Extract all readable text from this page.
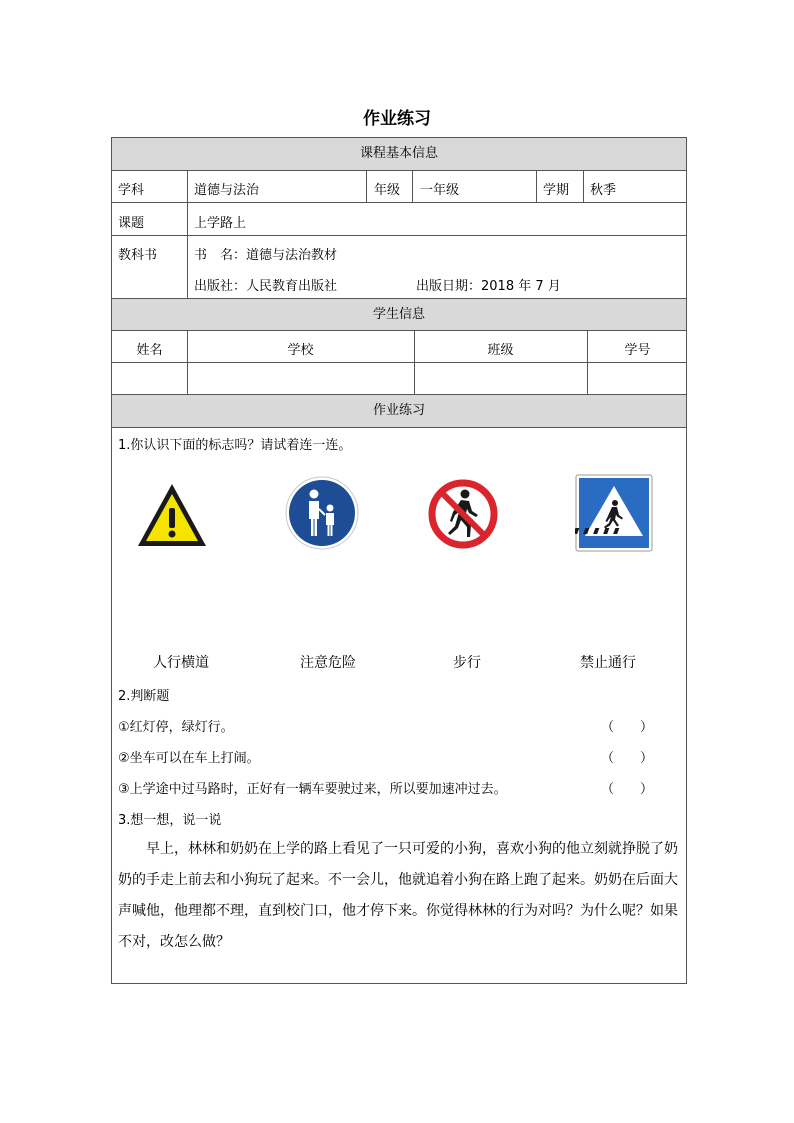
作业练习
课程基本信息
学科	道德与法治	年级 一年级	学期 秋季
课题	上学路上
教科书	书　名：道德与法治教材
出版社：人民教育出版社	出版日期：2018 年 7 月
学生信息
姓名	学校	班级	学号
作业练习
1.你认识下面的标志吗？请试着连一连。
人行横道	注意危险	步行	禁止通行
2.判断题
①红灯停，绿灯行。	（　　）
②坐车可以在车上打闹。	（　　）
③上学途中过马路时，正好有一辆车要驶过来，所以要加速冲过去。	（　　）
3.想一想，说一说
早上，林林和奶奶在上学的路上看见了一只可爱的小狗，喜欢小狗的他立刻就挣脱了奶奶的手走上前去和小狗玩了起来。不一会儿，他就追着小狗在路上跑了起来。奶奶在后面大声喊他，他理都不理，直到校门口，他才停下来。你觉得林林的行为对吗？为什么呢？如果不对，改怎么做？
